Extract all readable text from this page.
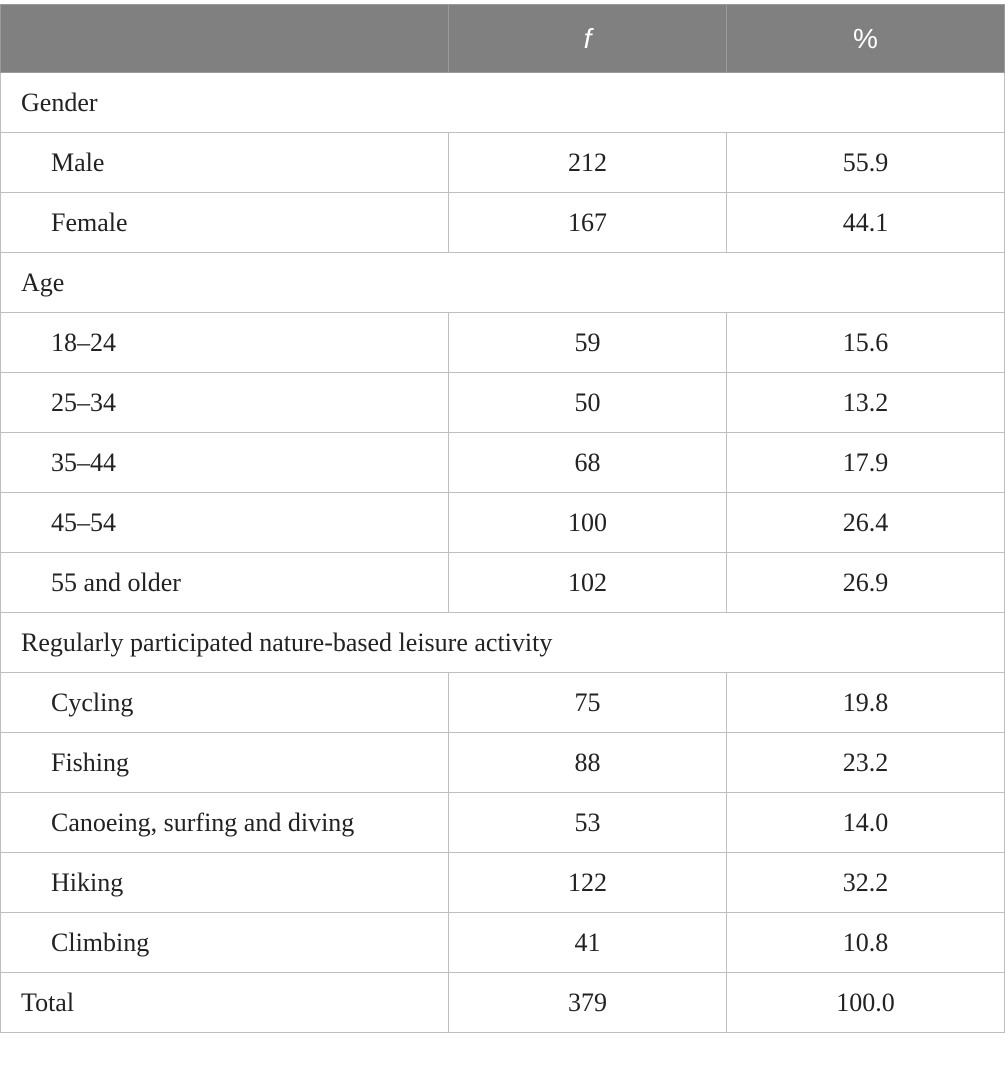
	f	%
Gender		
Male	212	55.9
Female	167	44.1
Age		
18–24	59	15.6
25–34	50	13.2
35–44	68	17.9
45–54	100	26.4
55 and older	102	26.9
Regularly participated nature-based leisure activity		
Cycling	75	19.8
Fishing	88	23.2
Canoeing, surfing and diving	53	14.0
Hiking	122	32.2
Climbing	41	10.8
Total	379	100.0
